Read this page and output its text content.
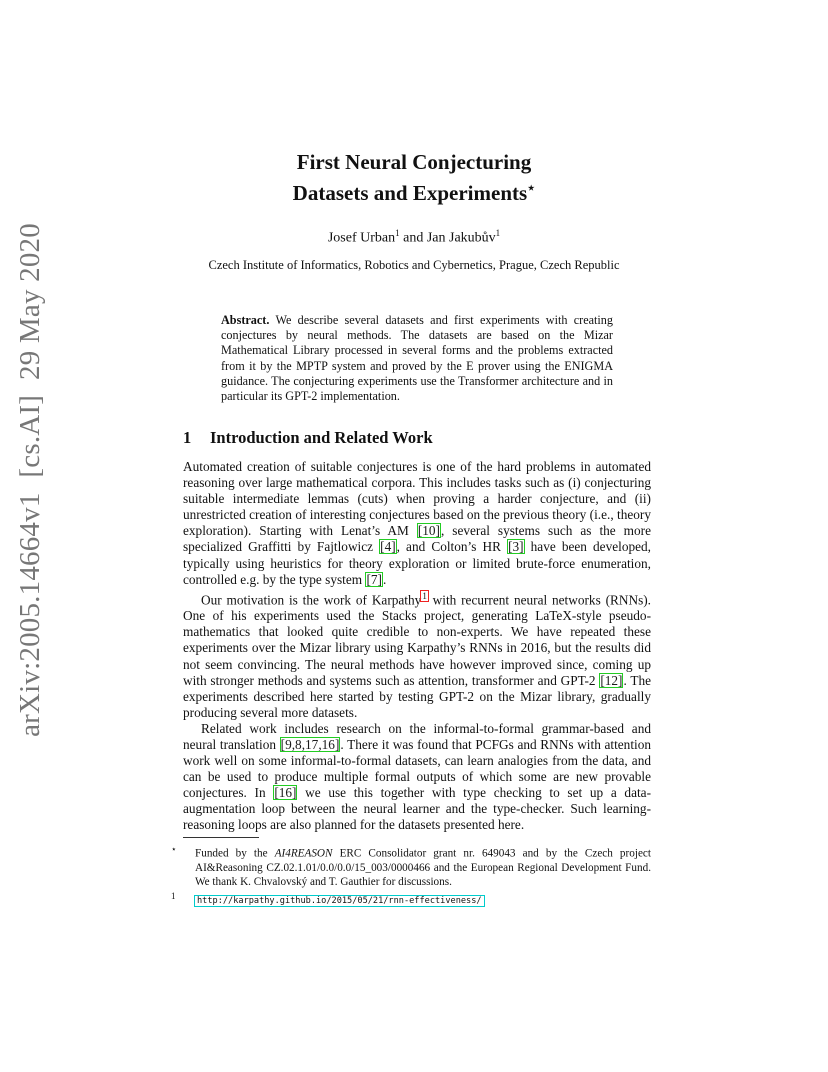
arXiv:2005.14664v1  [cs.AI]  29 May 2020
First Neural Conjecturing
Datasets and Experiments⋆
Josef Urban$^1$ and Jan Jakubův$^1$
Czech Institute of Informatics, Robotics and Cybernetics, Prague, Czech Republic
Abstract. We describe several datasets and first experiments with creating conjectures by neural methods. The datasets are based on the Mizar Mathematical Library processed in several forms and the problems extracted from it by the MPTP system and proved by the E prover using the ENIGMA guidance. The conjecturing experiments use the Transformer architecture and in particular its GPT-2 implementation.
1 Introduction and Related Work

Automated creation of suitable conjectures is one of the hard problems in automated reasoning over large mathematical corpora. This includes tasks such as (i) conjecturing suitable intermediate lemmas (cuts) when proving a harder conjecture, and (ii) unrestricted creation of interesting conjectures based on the previous theory (i.e., theory exploration). Starting with Lenat’s AM [10], several systems such as the more specialized Graffitti by Fajtlowicz [4], and Colton’s HR [3] have been developed, typically using heuristics for theory exploration or limited brute-force enumeration, controlled e.g. by the type system [7].

Our motivation is the work of Karpathy$^1$ with recurrent neural networks (RNNs). One of his experiments used the Stacks project, generating LaTeX-style pseudo-mathematics that looked quite credible to non-experts. We have repeated these experiments over the Mizar library using Karpathy’s RNNs in 2016, but the results did not seem convincing. The neural methods have however improved since, coming up with stronger methods and systems such as attention, transformer and GPT-2 [12]. The experiments described here started by testing GPT-2 on the Mizar library, gradually producing several more datasets.

Related work includes research on the informal-to-formal grammar-based and neural translation [9,8,17,16]. There it was found that PCFGs and RNNs with attention work well on some informal-to-formal datasets, can learn analogies from the data, and can be used to produce multiple formal outputs of which some are new provable conjectures. In [16] we use this together with type checking to set up a data-augmentation loop between the neural learner and the type-checker. Such learning-reasoning loops are also planned for the datasets presented here.

⋆ Funded by the AI4REASON ERC Consolidator grant nr. 649043 and by the Czech project AI&Reasoning CZ.02.1.01/0.0/0.0/15_003/0000466 and the European Regional Development Fund. We thank K. Chvalovský and T. Gauthier for discussions.

1http://karpathy.github.io/2015/05/21/rnn-effectiveness/
